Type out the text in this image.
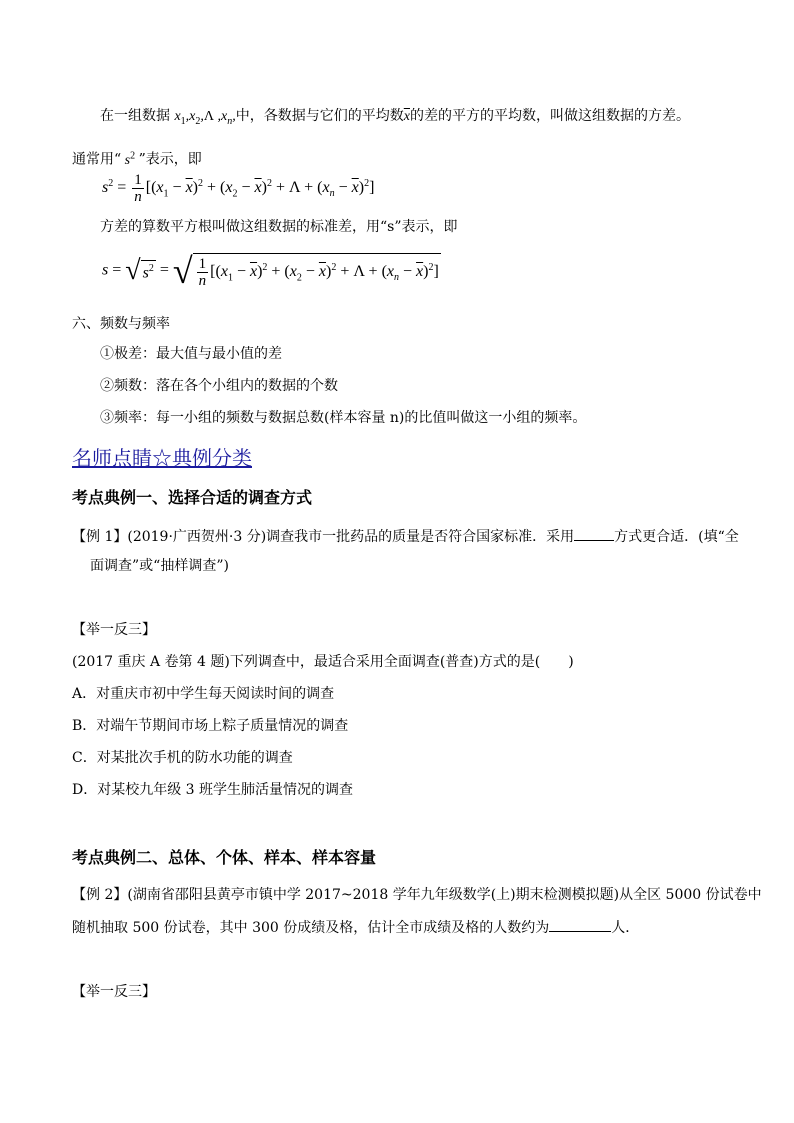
在一组数据 $x_1,x_2,\Lambda$ $,x_n$,中，各数据与它们的平均数$\overline{x}$的差的平方的平均数，叫做这组数据的方差。
通常用“ $s^2$ ”表示，即
$s^2 = \frac{1}{n} [(x_1 - \overline{x})^2 + (x_2 - \overline{x})^2 + \Lambda + (x_n - \overline{x})^2]$
方差的算数平方根叫做这组数据的标准差，用“s”表示，即
s = √ $s^2$ = √ $\frac{1}{n} [(x_1 - \overline{x})^2 + (x_2 - \overline{x})^2 + \Lambda + (x_n - \overline{x})^2]$
六、频数与频率
①极差：最大值与最小值的差
②频数：落在各个小组内的数据的个数
③频率：每一小组的频数与数据总数(样本容量 n)的比值叫做这一小组的频率。
名师点睛☆典例分类
考点典例一、选择合适的调查方式
【例 1】(2019·广西贺州·3 分)调查我市一批药品的质量是否符合国家标准．采用	方式更合适．(填“全
面调查”或“抽样调查”)
【举一反三】
(2017 重庆 A 卷第 4 题)下列调查中，最适合采用全面调查(普查)方式的是(　　)
A．对重庆市初中学生每天阅读时间的调查
B．对端午节期间市场上粽子质量情况的调查
C．对某批次手机的防水功能的调查
D．对某校九年级 3 班学生肺活量情况的调查
考点典例二、总体、个体、样本、样本容量
【例 2】(湖南省邵阳县黄亭市镇中学 2017~2018 学年九年级数学(上)期末检测模拟题)从全区 5000 份试卷中
随机抽取 500 份试卷，其中 300 份成绩及格，估计全市成绩及格的人数约为	人．
【举一反三】
